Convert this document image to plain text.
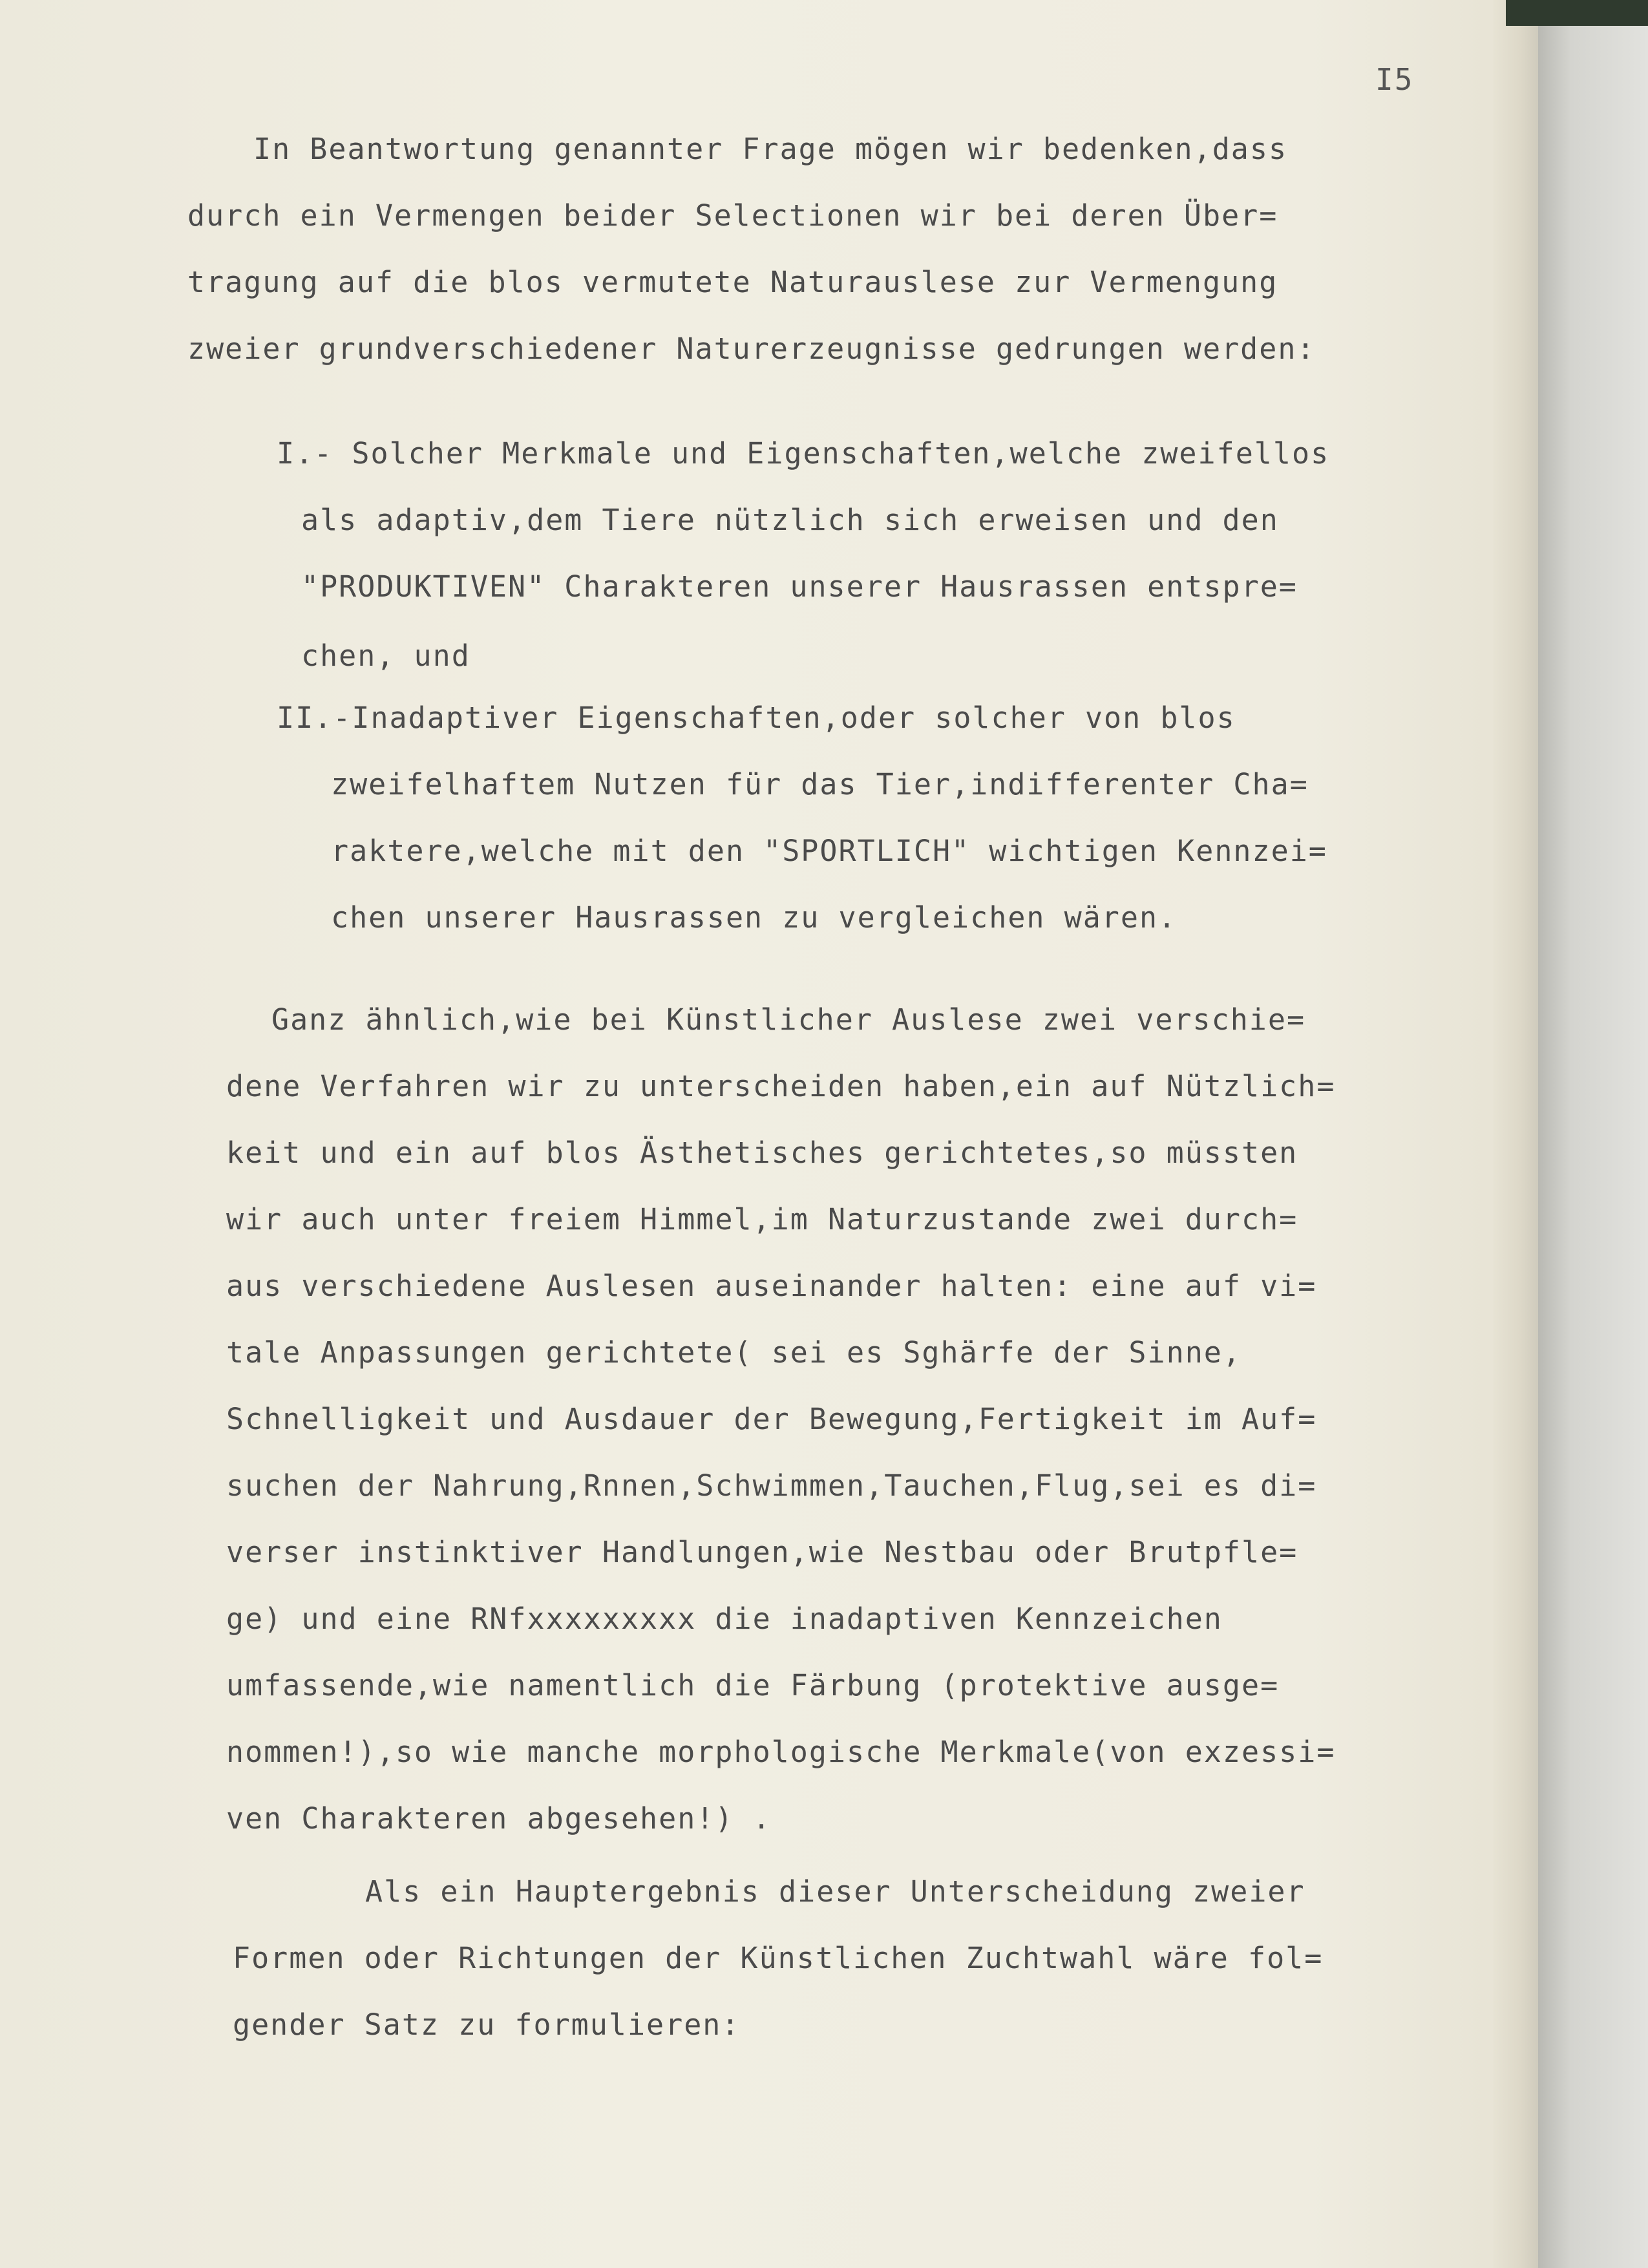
I5
In Beantwortung genannter Frage mögen wir bedenken,dass
durch ein Vermengen beider Selectionen wir bei deren Über=
tragung auf die blos vermutete Naturauslese zur Vermengung
zweier grundverschiedener Naturerzeugnisse gedrungen werden:
I.- Solcher Merkmale und Eigenschaften,welche zweifellos
als adaptiv,dem Tiere nützlich sich erweisen und den
"PRODUKTIVEN" Charakteren unserer Hausrassen entspre=
chen, und
II.-Inadaptiver Eigenschaften,oder solcher von blos
zweifelhaftem Nutzen für das Tier,indifferenter Cha=
raktere,welche mit den "SPORTLICH" wichtigen Kennzei=
chen unserer Hausrassen zu vergleichen wären.
Ganz ähnlich,wie bei Künstlicher Auslese zwei verschie=
dene Verfahren wir zu unterscheiden haben,ein auf Nützlich=
keit und ein auf blos Ästhetisches gerichtetes,so müssten
wir auch unter freiem Himmel,im Naturzustande zwei durch=
aus verschiedene Auslesen auseinander halten: eine auf vi=
tale Anpassungen gerichtete( sei es Sghärfe der Sinne,
Schnelligkeit und Ausdauer der Bewegung,Fertigkeit im Auf=
suchen der Nahrung,Rnnen,Schwimmen,Tauchen,Flug,sei es di=
verser instinktiver Handlungen,wie Nestbau oder Brutpfle=
ge) und eine RNfxxxxxxxxx die inadaptiven Kennzeichen
umfassende,wie namentlich die Färbung (protektive ausge=
nommen!),so wie manche morphologische Merkmale(von exzessi=
ven Charakteren abgesehen!) .
Als ein Hauptergebnis dieser Unterscheidung zweier
Formen oder Richtungen der Künstlichen Zuchtwahl wäre fol=
gender Satz zu formulieren:
